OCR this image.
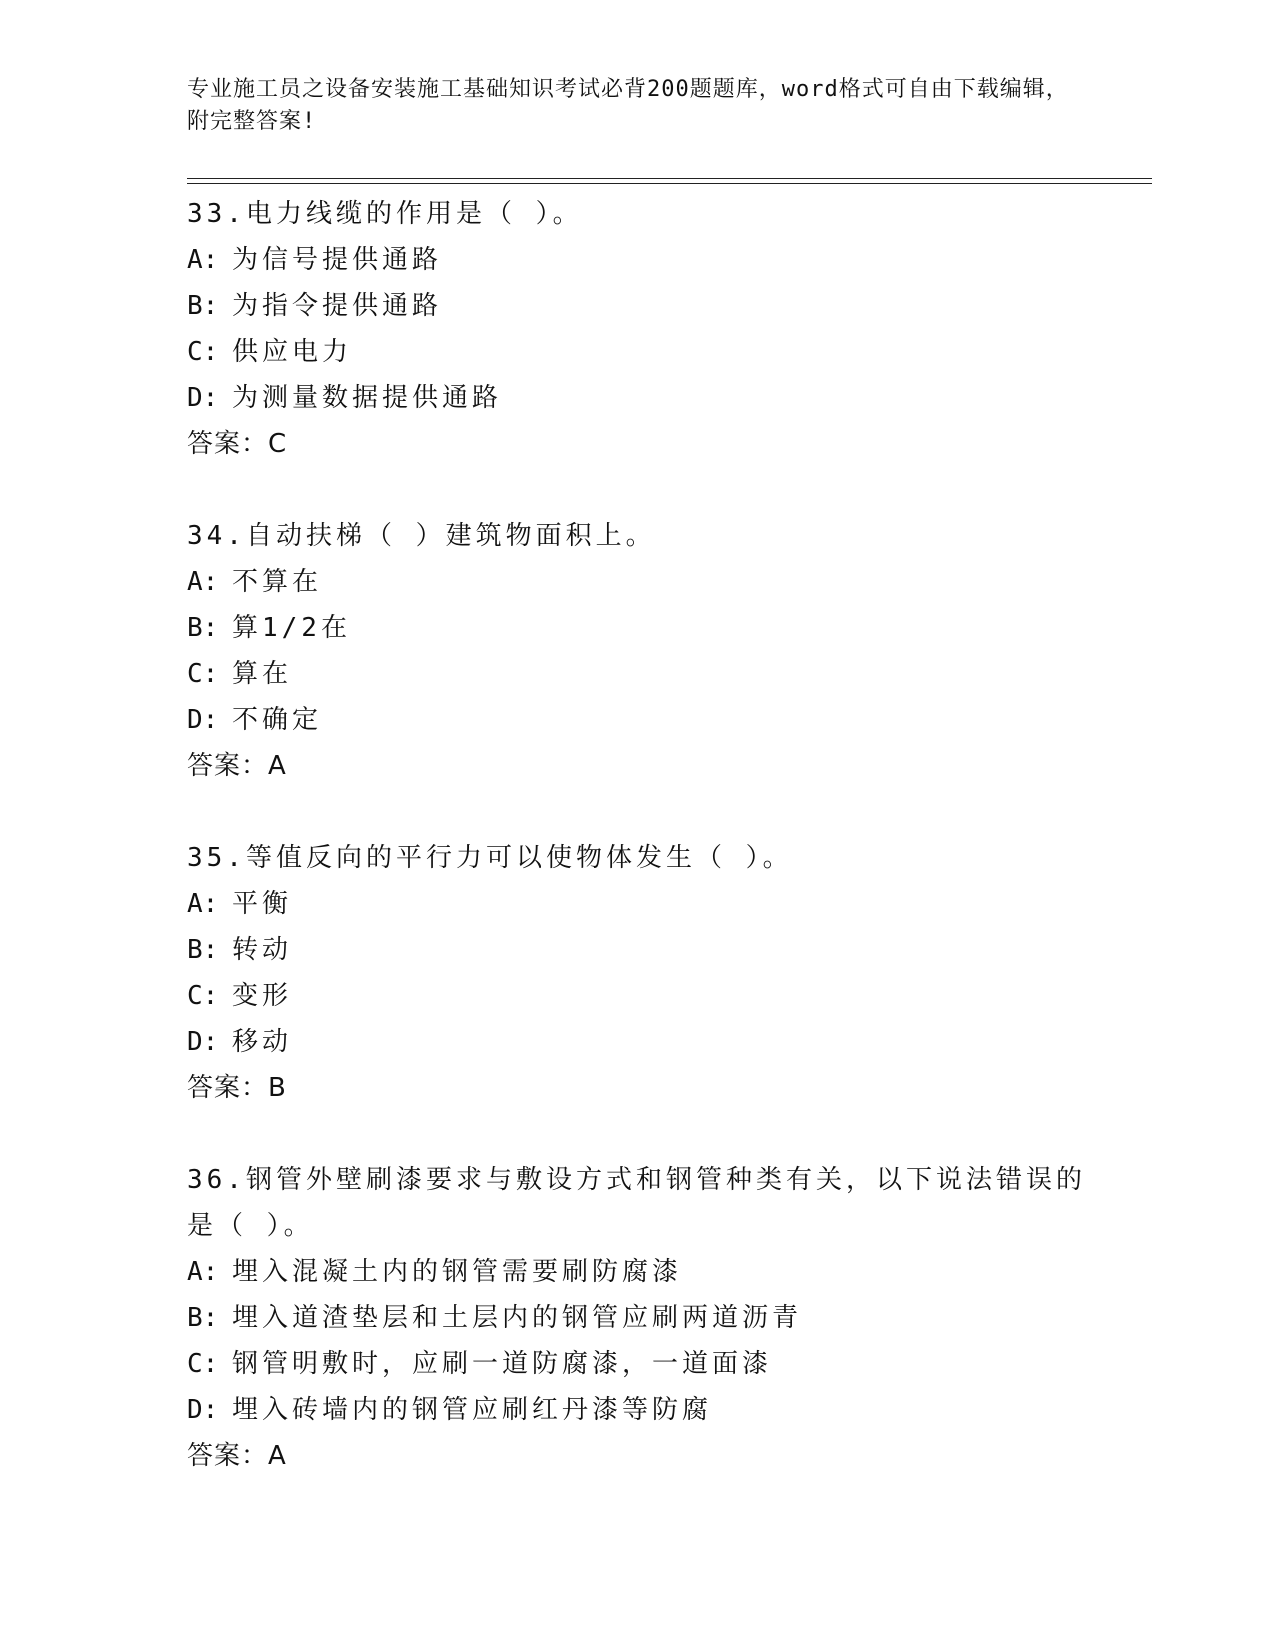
专业施工员之设备安装施工基础知识考试必背200题题库，word格式可自由下载编辑，附完整答案!
33.电力线缆的作用是（ ）。
A: 为信号提供通路
B: 为指令提供通路
C: 供应电力
D: 为测量数据提供通路
答案：C
34.自动扶梯（ ）建筑物面积上。
A: 不算在
B: 算1/2在
C: 算在
D: 不确定
答案：A
35.等值反向的平行力可以使物体发生（ ）。
A: 平衡
B: 转动
C: 变形
D: 移动
答案：B
36.钢管外壁刷漆要求与敷设方式和钢管种类有关，以下说法错误的是（ ）。
A: 埋入混凝土内的钢管需要刷防腐漆
B: 埋入道渣垫层和土层内的钢管应刷两道沥青
C: 钢管明敷时，应刷一道防腐漆，一道面漆
D: 埋入砖墙内的钢管应刷红丹漆等防腐
答案：A
